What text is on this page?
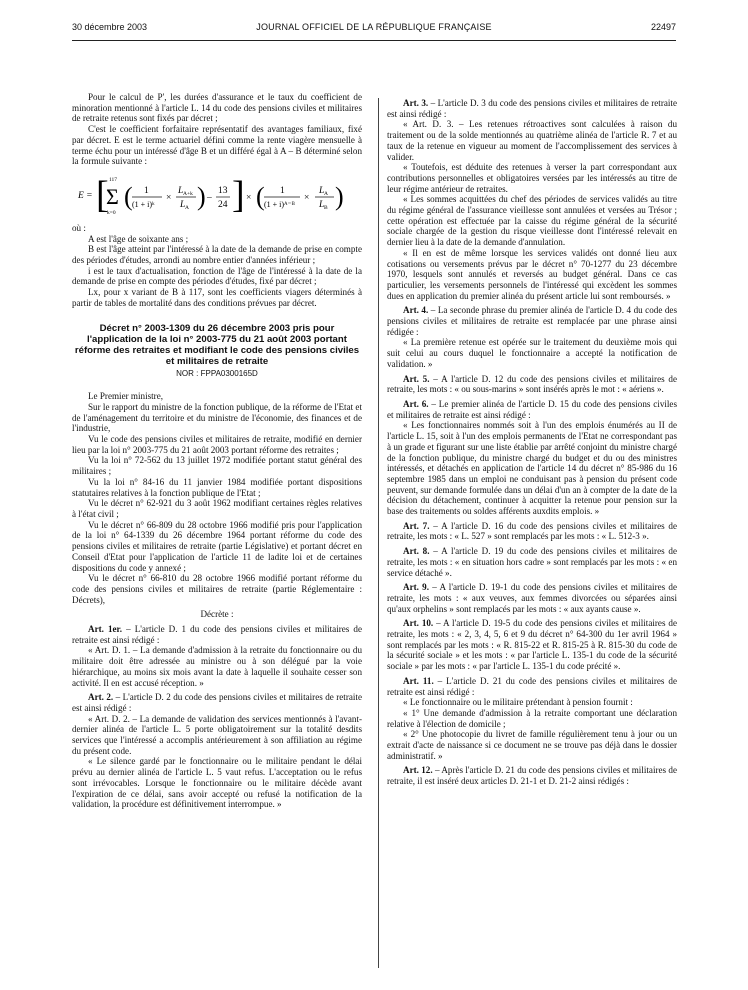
30 décembre 2003	JOURNAL OFFICIEL DE LA RÉPUBLIQUE FRANÇAISE	22497

Pour le calcul de P', les durées d'assurance et le taux du coefficient de minoration mentionné à l'article L. 14 du code des pensions civiles et militaires de retraite retenus sont fixés par décret ;

C'est le coefficient forfaitaire représentatif des avantages familiaux, fixé par décret. E est le terme actuariel défini comme la rente viagère mensuelle à terme échu pour un intéressé d'âge B et un différé égal à A – B déterminé selon la formule suivante :

E = [
Σ
117
k=0
( 1
(1 + i)ᵏ
×
L A+k
L A ) –
13
24 ] × ( 1
(1 + i)ᴬ⁻ᴮ
×
L A
L B )

où :

A est l'âge de soixante ans ;

B est l'âge atteint par l'intéressé à la date de la demande de prise en compte des périodes d'études, arrondi au nombre entier d'années inférieur ;

i est le taux d'actualisation, fonction de l'âge de l'intéressé à la date de la demande de prise en compte des périodes d'études, fixé par décret ;

Lx, pour x variant de B à 117, sont les coefficients viagers déterminés à partir de tables de mortalité dans des conditions prévues par décret.

Décret n° 2003-1309 du 26 décembre 2003 pris pour l'application de la loi n° 2003-775 du 21 août 2003 portant réforme des retraites et modifiant le code des pensions civiles et militaires de retraite
NOR : FPPA0300165D

Le Premier ministre,

Sur le rapport du ministre de la fonction publique, de la réforme de l'Etat et de l'aménagement du territoire et du ministre de l'économie, des finances et de l'industrie,

Vu le code des pensions civiles et militaires de retraite, modifié en dernier lieu par la loi n° 2003-775 du 21 août 2003 portant réforme des retraites ;

Vu la loi n° 72-562 du 13 juillet 1972 modifiée portant statut général des militaires ;

Vu la loi n° 84-16 du 11 janvier 1984 modifiée portant dispositions statutaires relatives à la fonction publique de l'Etat ;

Vu le décret n° 62-921 du 3 août 1962 modifiant certaines règles relatives à l'état civil ;

Vu le décret n° 66-809 du 28 octobre 1966 modifié pris pour l'application de la loi n° 64-1339 du 26 décembre 1964 portant réforme du code des pensions civiles et militaires de retraite (partie Législative) et portant décret en Conseil d'Etat pour l'application de l'article 11 de ladite loi et de certaines dispositions du code y annexé ;

Vu le décret n° 66-810 du 28 octobre 1966 modifié portant réforme du code des pensions civiles et militaires de retraite (partie Réglementaire : Décrets),

Décrète :

Art. 1er. – L'article D. 1 du code des pensions civiles et militaires de retraite est ainsi rédigé :

« Art. D. 1. – La demande d'admission à la retraite du fonctionnaire ou du militaire doit être adressée au ministre ou à son délégué par la voie hiérarchique, au moins six mois avant la date à laquelle il souhaite cesser son activité. Il en est accusé réception. »

Art. 2. – L'article D. 2 du code des pensions civiles et militaires de retraite est ainsi rédigé :

« Art. D. 2. – La demande de validation des services mentionnés à l'avant-dernier alinéa de l'article L. 5 porte obligatoirement sur la totalité desdits services que l'intéressé a accomplis antérieurement à son affiliation au régime du présent code.

« Le silence gardé par le fonctionnaire ou le militaire pendant le délai prévu au dernier alinéa de l'article L. 5 vaut refus. L'acceptation ou le refus sont irrévocables. Lorsque le fonctionnaire ou le militaire décède avant l'expiration de ce délai, sans avoir accepté ou refusé la notification de la validation, la procédure est définitivement interrompue. »

Art. 3. – L'article D. 3 du code des pensions civiles et militaires de retraite est ainsi rédigé :

« Art. D. 3. – Les retenues rétroactives sont calculées à raison du traitement ou de la solde mentionnés au quatrième alinéa de l'article R. 7 et au taux de la retenue en vigueur au moment de l'accomplissement des services à valider.

« Toutefois, est déduite des retenues à verser la part correspondant aux contributions personnelles et obligatoires versées par les intéressés au titre de leur régime antérieur de retraites.

« Les sommes acquittées du chef des périodes de services validés au titre du régime général de l'assurance vieillesse sont annulées et versées au Trésor ; cette opération est effectuée par la caisse du régime général de la sécurité sociale chargée de la gestion du risque vieillesse dont l'intéressé relevait en dernier lieu à la date de la demande d'annulation.

« Il en est de même lorsque les services validés ont donné lieu aux cotisations ou versements prévus par le décret n° 70-1277 du 23 décembre 1970, lesquels sont annulés et reversés au budget général. Dans ce cas particulier, les versements personnels de l'intéressé qui excèdent les sommes dues en application du premier alinéa du présent article lui sont remboursés. »

Art. 4. – La seconde phrase du premier alinéa de l'article D. 4 du code des pensions civiles et militaires de retraite est remplacée par une phrase ainsi rédigée :

« La première retenue est opérée sur le traitement du deuxième mois qui suit celui au cours duquel le fonctionnaire a accepté la notification de validation. »

Art. 5. – A l'article D. 12 du code des pensions civiles et militaires de retraite, les mots : « ou sous-marins » sont insérés après le mot : « aériens ».

Art. 6. – Le premier alinéa de l'article D. 15 du code des pensions civiles et militaires de retraite est ainsi rédigé :

« Les fonctionnaires nommés soit à l'un des emplois énumérés au II de l'article L. 15, soit à l'un des emplois permanents de l'Etat ne correspondant pas à un grade et figurant sur une liste établie par arrêté conjoint du ministre chargé de la fonction publique, du ministre chargé du budget et du ou des ministres intéressés, et détachés en application de l'article 14 du décret n° 85-986 du 16 septembre 1985 dans un emploi ne conduisant pas à pension du présent code peuvent, sur demande formulée dans un délai d'un an à compter de la date de la décision du détachement, continuer à acquitter la retenue pour pension sur la base des traitements ou soldes afférents auxdits emplois. »

Art. 7. – A l'article D. 16 du code des pensions civiles et militaires de retraite, les mots : « L. 527 » sont remplacés par les mots : « L. 512-3 ».

Art. 8. – A l'article D. 19 du code des pensions civiles et militaires de retraite, les mots : « en situation hors cadre » sont remplacés par les mots : « en service détaché ».

Art. 9. – A l'article D. 19-1 du code des pensions civiles et militaires de retraite, les mots : « aux veuves, aux femmes divorcées ou séparées ainsi qu'aux orphelins » sont remplacés par les mots : « aux ayants cause ».

Art. 10. – A l'article D. 19-5 du code des pensions civiles et militaires de retraite, les mots : « 2, 3, 4, 5, 6 et 9 du décret n° 64-300 du 1er avril 1964 » sont remplacés par les mots : « R. 815-22 et R. 815-25 à R. 815-30 du code de la sécurité sociale » et les mots : « par l'article L. 135-1 du code de la sécurité sociale » par les mots : « par l'article L. 135-1 du code précité ».

Art. 11. – L'article D. 21 du code des pensions civiles et militaires de retraite est ainsi rédigé :

« Le fonctionnaire ou le militaire prétendant à pension fournit :

« 1° Une demande d'admission à la retraite comportant une déclaration relative à l'élection de domicile ;

« 2° Une photocopie du livret de famille régulièrement tenu à jour ou un extrait d'acte de naissance si ce document ne se trouve pas déjà dans le dossier administratif. »

Art. 12. – Après l'article D. 21 du code des pensions civiles et militaires de retraite, il est inséré deux articles D. 21-1 et D. 21-2 ainsi rédigés :
